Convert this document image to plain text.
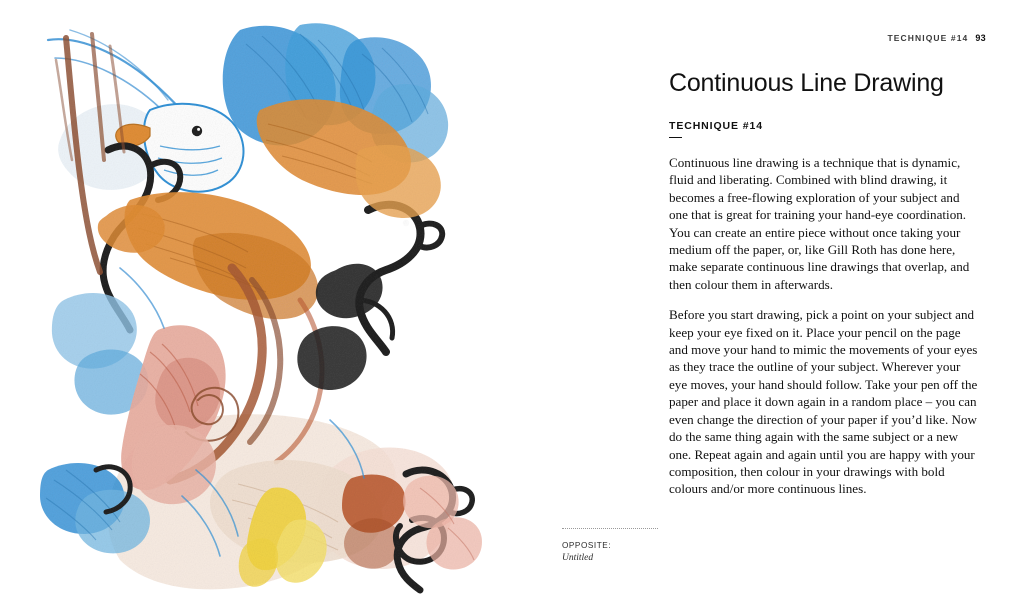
TECHNIQUE #14 93
Continuous Line Drawing
TECHNIQUE #14

Continuous line drawing is a technique that is dynamic, fluid and liberating. Combined with blind drawing, it becomes a free-flowing exploration of your subject and one that is great for training your hand-eye coordination. You can create an entire piece without once taking your medium off the paper, or, like Gill Roth has done here, make separate continuous line drawings that overlap, and then colour them in afterwards.

Before you start drawing, pick a point on your subject and keep your eye fixed on it. Place your pencil on the page and move your hand to mimic the movements of your eyes as they trace the outline of your subject. Wherever your eye moves, your hand should follow. Take your pen off the paper and place it down again in a random place – you can even change the direction of your paper if you’d like. Now do the same thing again with the same subject or a new one. Repeat again and again until you are happy with your composition, then colour in your drawings with bold colours and/or more continuous lines.

OPPOSITE:
Untitled
